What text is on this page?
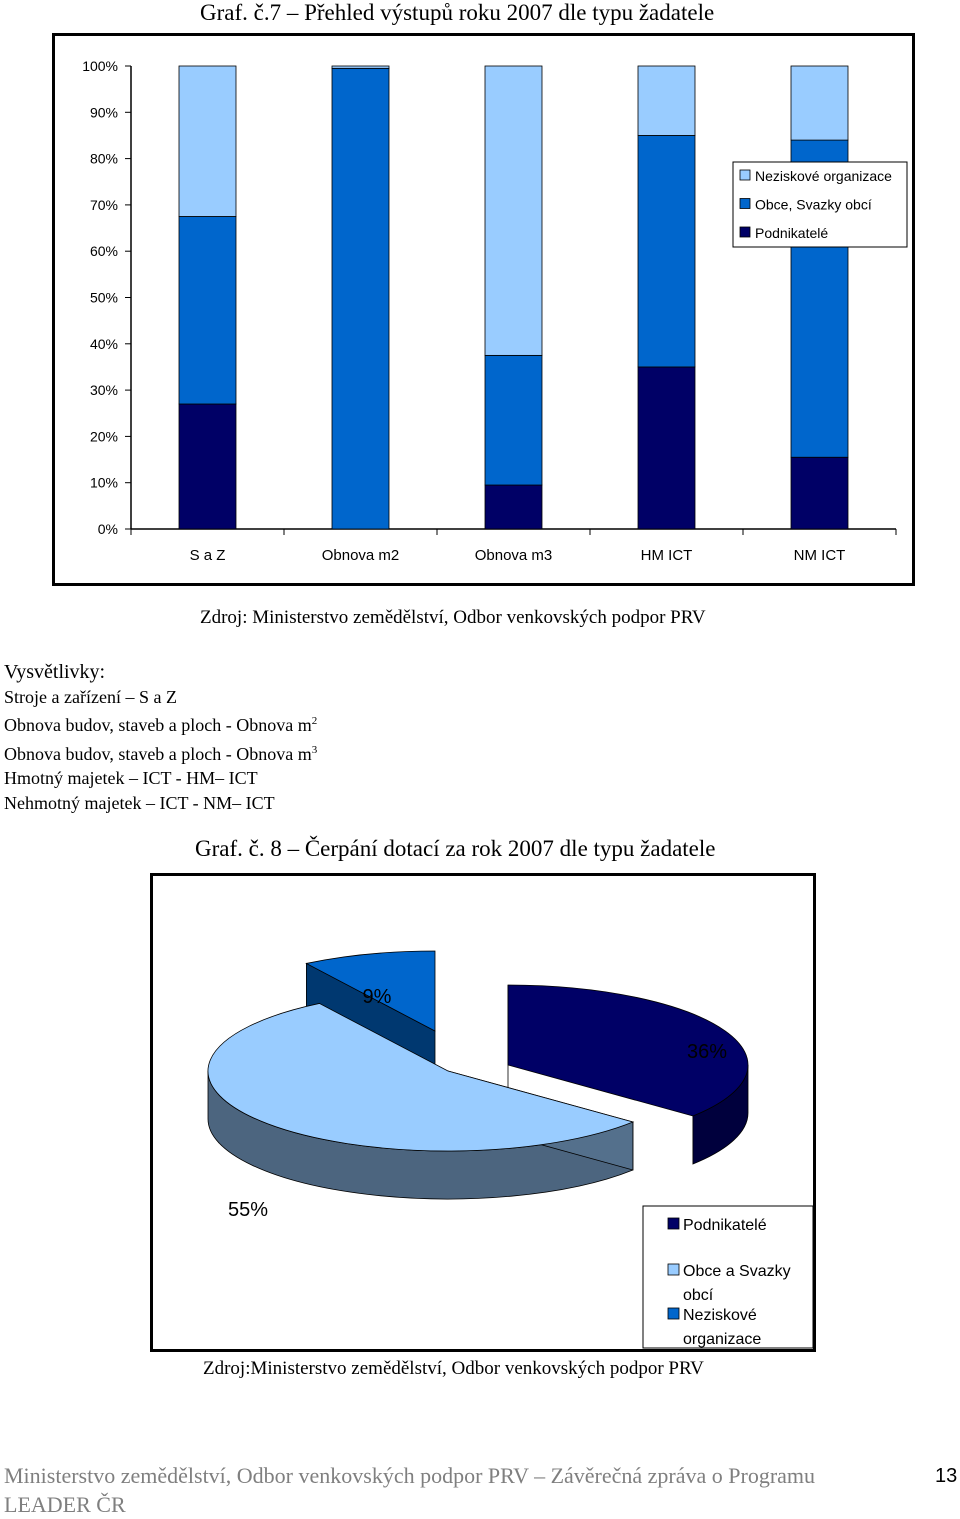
Graf. č.7 – Přehled výstupů roku 2007 dle typu žadatele
0%
10%
20%
30%
40%
50%
60%
70%
80%
90%
100%
S a Z	Obnova m2	Obnova m3	HM ICT	NM ICT
Neziskové organizace
Obce, Svazky obcí
Podnikatelé
Zdroj: Ministerstvo zemědělství, Odbor venkovských podpor PRV
Vysvětlivky:
Stroje a zařízení – S a Z
Obnova budov, staveb a ploch - Obnova $m^2$
Obnova budov, staveb a ploch - Obnova $m^3$
Hmotný majetek – ICT - HM– ICT
Nehmotný majetek – ICT - NM– ICT
Graf. č. 8 – Čerpání dotací za rok 2007 dle typu žadatele
36%
55%
9%
Podnikatelé
Obce a Svazky obcí
Neziskové organizace
Zdroj:Ministerstvo zemědělství, Odbor venkovských podpor PRV
Ministerstvo zemědělství, Odbor venkovských podpor PRV – Závěrečná zpráva o Programu LEADER ČR
13
